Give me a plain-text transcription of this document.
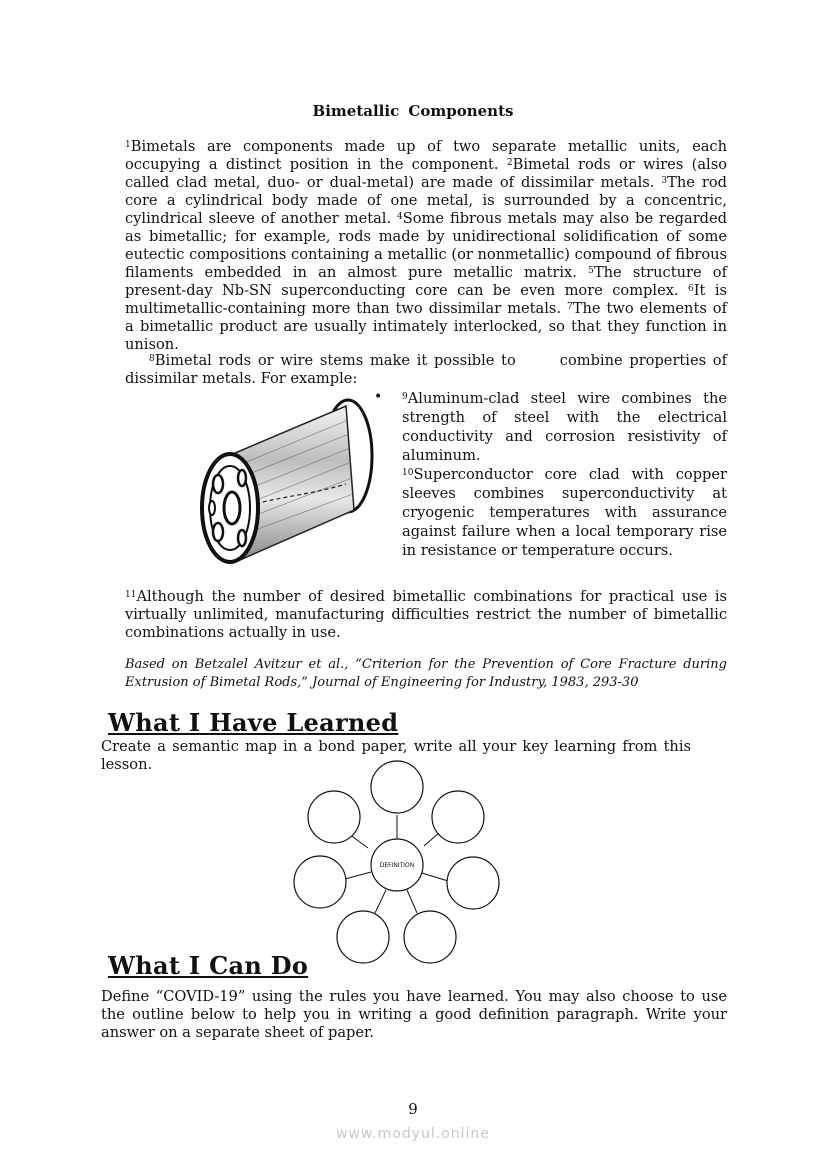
Bimetallic Components
$^1$Bimetals are components made up of two separate metallic units, each occupying a distinct position in the component. $^2$Bimetal rods or wires (also called clad metal, duo- or dual-metal) are made of dissimilar metals. $^3$The rod core a cylindrical body made of one metal, is surrounded by a concentric, cylindrical sleeve of another metal. $^4$Some fibrous metals may also be regarded as bimetallic; for example, rods made by unidirectional solidification of some eutectic compositions containing a metallic (or nonmetallic) compound of fibrous filaments embedded in an almost pure metallic matrix. $^5$The structure of present-day Nb-SN superconducting core can be even more complex. $^6$It is multimetallic-containing more than two dissimilar metals. $^7$The two elements of a bimetallic product are usually intimately interlocked, so that they function in unison.
$^8$Bimetal rods or wire stems make it possible to	combine properties of dissimilar metals. For example:
• $^9$Aluminum-clad steel wire combines the strength of steel with the electrical conductivity and corrosion resistivity of aluminum.
$^{10}$Superconductor core clad with copper sleeves combines superconductivity at cryogenic temperatures with assurance against failure when a local temporary rise in resistance or temperature occurs.
$^{11}$Although the number of desired bimetallic combinations for practical use is virtually unlimited, manufacturing difficulties restrict the number of bimetallic combinations actually in use.
Based on Betzalel Avitzur et al., “Criterion for the Prevention of Core Fracture during Extrusion of Bimetal Rods,” Journal of Engineering for Industry, 1983, 293-30
What I Have Learned
Create a semantic map in a bond paper, write all your key learning from this lesson.
DEFINITION
What I Can Do
Define “COVID-19” using the rules you have learned. You may also choose to use the outline below to help you in writing a good definition paragraph. Write your answer on a separate sheet of paper.
9
www.modyul.online
